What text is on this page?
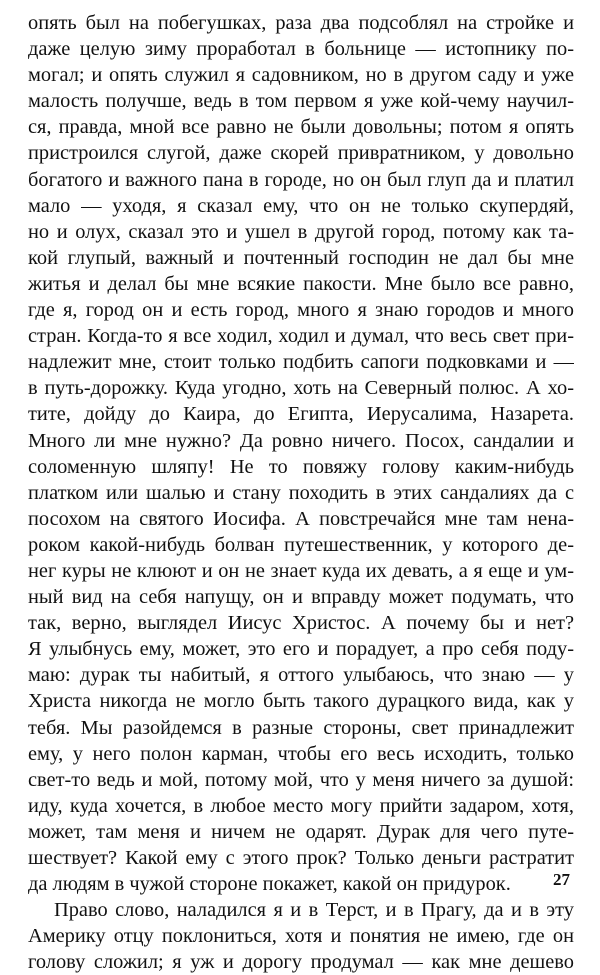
опять был на побегушках, раза два подсоблял на стройке и
даже целую зиму проработал в больнице — истопнику по-
могал; и опять служил я садовником, но в другом саду и уже
малость получше, ведь в том первом я уже кой-чему научил-
ся, правда, мной все равно не были довольны; потом я опять
пристроился слугой, даже скорей привратником, у довольно
богатого и важного пана в городе, но он был глуп да и платил
мало — уходя, я сказал ему, что он не только скупердяй,
но и олух, сказал это и ушел в другой город, потому как та-
кой глупый, важный и почтенный господин не дал бы мне
житья и делал бы мне всякие пакости. Мне было все равно,
где я, город он и есть город, много я знаю городов и много
стран. Когда-то я все ходил, ходил и думал, что весь свет при-
надлежит мне, стоит только подбить сапоги подковками и —
в путь-дорожку. Куда угодно, хоть на Северный полюс. А хо-
тите, дойду до Каира, до Египта, Иерусалима, Назарета.
Много ли мне нужно? Да ровно ничего. Посох, сандалии и
соломенную шляпу! Не то повяжу голову каким-нибудь
платком или шалью и стану походить в этих сандалиях да с
посохом на святого Иосифа. А повстречайся мне там нена-
роком какой-нибудь болван путешественник, у которого де-
нег куры не клюют и он не знает куда их девать, а я еще и ум-
ный вид на себя напущу, он и вправду может подумать, что
так, верно, выглядел Иисус Христос. А почему бы и нет?
Я улыбнусь ему, может, это его и порадует, а про себя поду-
маю: дурак ты набитый, я оттого улыбаюсь, что знаю — у
Христа никогда не могло быть такого дурацкого вида, как у
тебя. Мы разойдемся в разные стороны, свет принадлежит
ему, у него полон карман, чтобы его весь исходить, только
свет-то ведь и мой, потому мой, что у меня ничего за душой:
иду, куда хочется, в любое место могу прийти задаром, хотя,
может, там меня и ничем не одарят. Дурак для чего путе-
шествует? Какой ему с этого прок? Только деньги растратит
да людям в чужой стороне покажет, какой он придурок.
Право слово, наладился я и в Терст, и в Прагу, да и в эту
Америку отцу поклониться, хотя и понятия не имею, где он
голову сложил; я уж и дорогу продумал — как мне дешево
27
